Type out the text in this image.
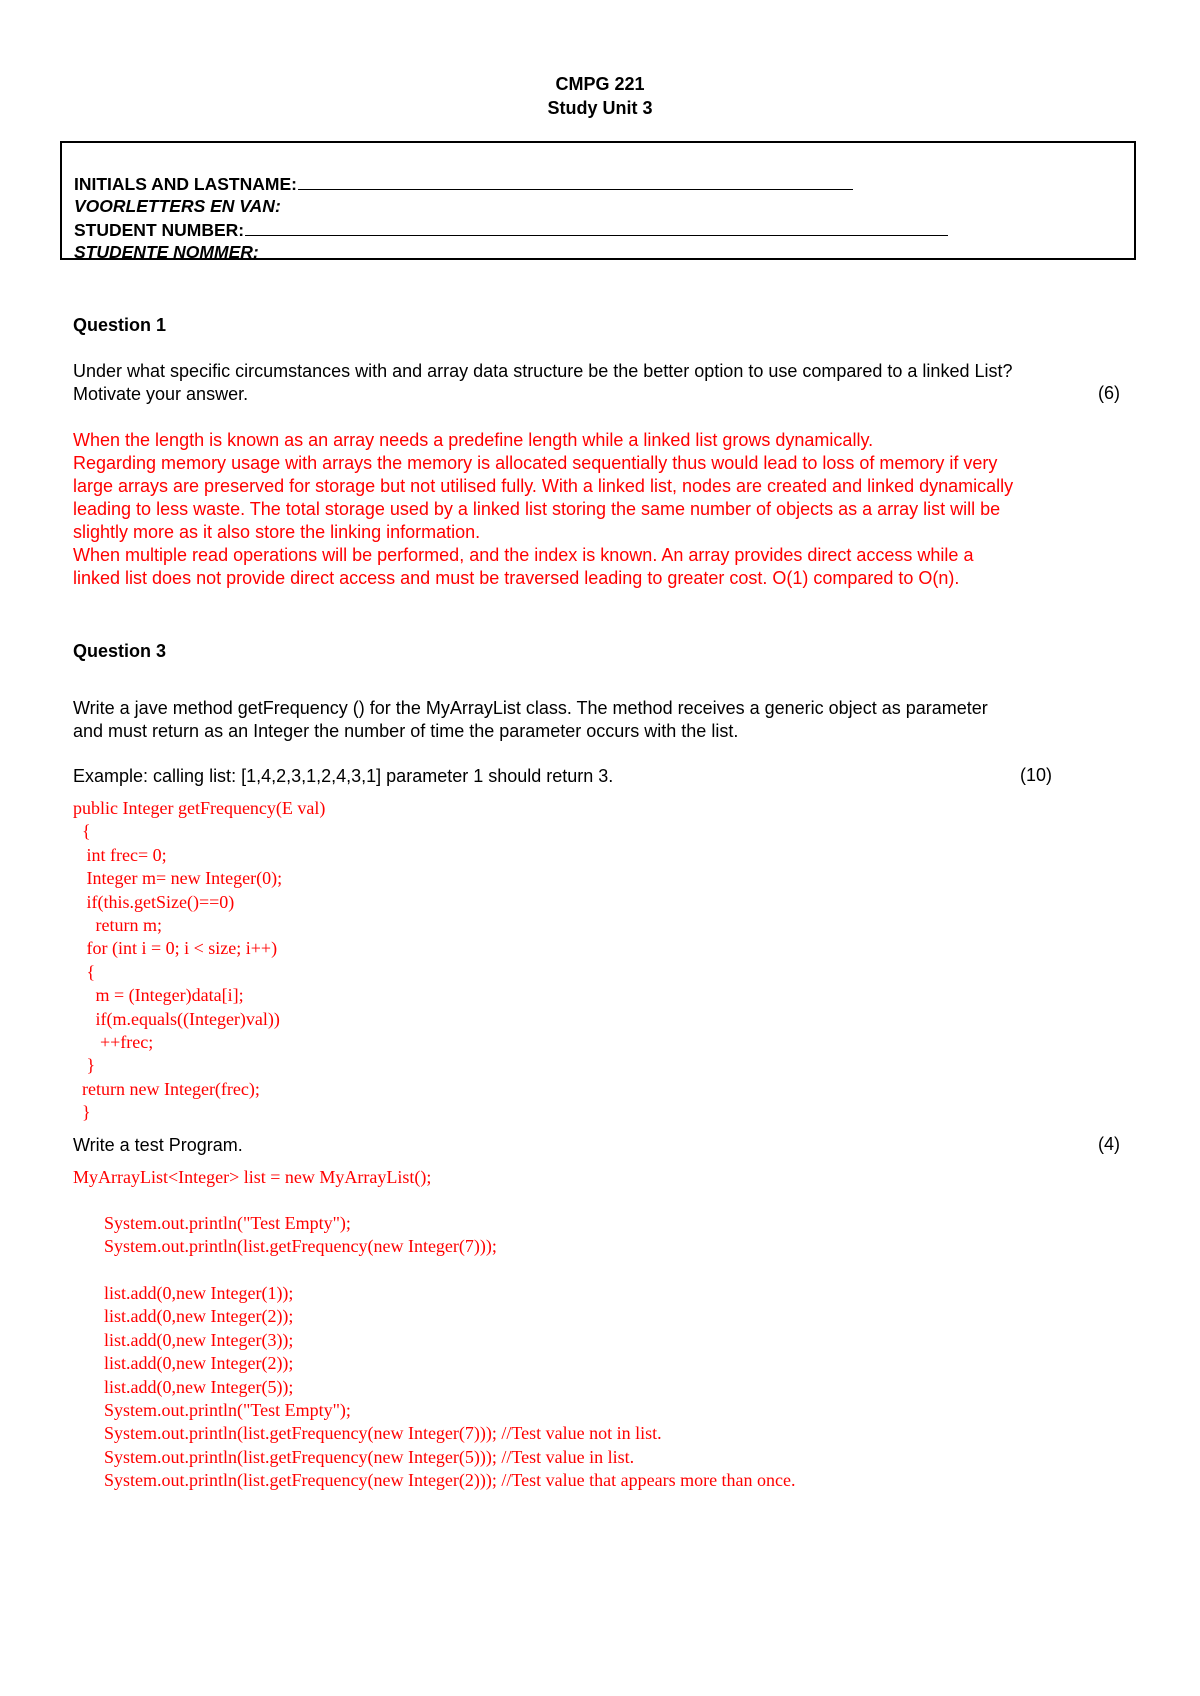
CMPG 221
Study Unit 3
INITIALS AND LASTNAME:
VOORLETTERS EN VAN:
STUDENT NUMBER:
STUDENTE NOMMER:
Question 1
Under what specific circumstances with and array data structure be the better option to use compared to a linked List?
Motivate your answer.	(6)
When the length is known as an array needs a predefine length while a linked list grows dynamically.
Regarding memory usage with arrays the memory is allocated sequentially thus would lead to loss of memory if very
large arrays are preserved for storage but not utilised fully. With a linked list, nodes are created and linked dynamically
leading to less waste. The total storage used by a linked list storing the same number of objects as a array list will be
slightly more as it also store the linking information.
When multiple read operations will be performed, and the index is known. An array provides direct access while a
linked list does not provide direct access and must be traversed leading to greater cost. O(1) compared to O(n).
Question 3
Write a jave method getFrequency () for the MyArrayList class. The method receives a generic object as parameter
and must return as an Integer the number of time the parameter occurs with the list.
Example: calling list: [1,4,2,3,1,2,4,3,1] parameter 1 should return 3.	(10)
public Integer getFrequency(E val)
{
int frec= 0;
Integer m= new Integer(0);
if(this.getSize()==0)
return m;
for (int i = 0; i < size; i++)
{
m = (Integer)data[i];
if(m.equals((Integer)val))
++frec;
}
return new Integer(frec);
}
Write a test Program.	(4)
MyArrayList<Integer> list = new MyArrayList();
System.out.println("Test Empty");
System.out.println(list.getFrequency(new Integer(7)));
list.add(0,new Integer(1));
list.add(0,new Integer(2));
list.add(0,new Integer(3));
list.add(0,new Integer(2));
list.add(0,new Integer(5));
System.out.println("Test Empty");
System.out.println(list.getFrequency(new Integer(7))); //Test value not in list.
System.out.println(list.getFrequency(new Integer(5))); //Test value in list.
System.out.println(list.getFrequency(new Integer(2))); //Test value that appears more than once.
